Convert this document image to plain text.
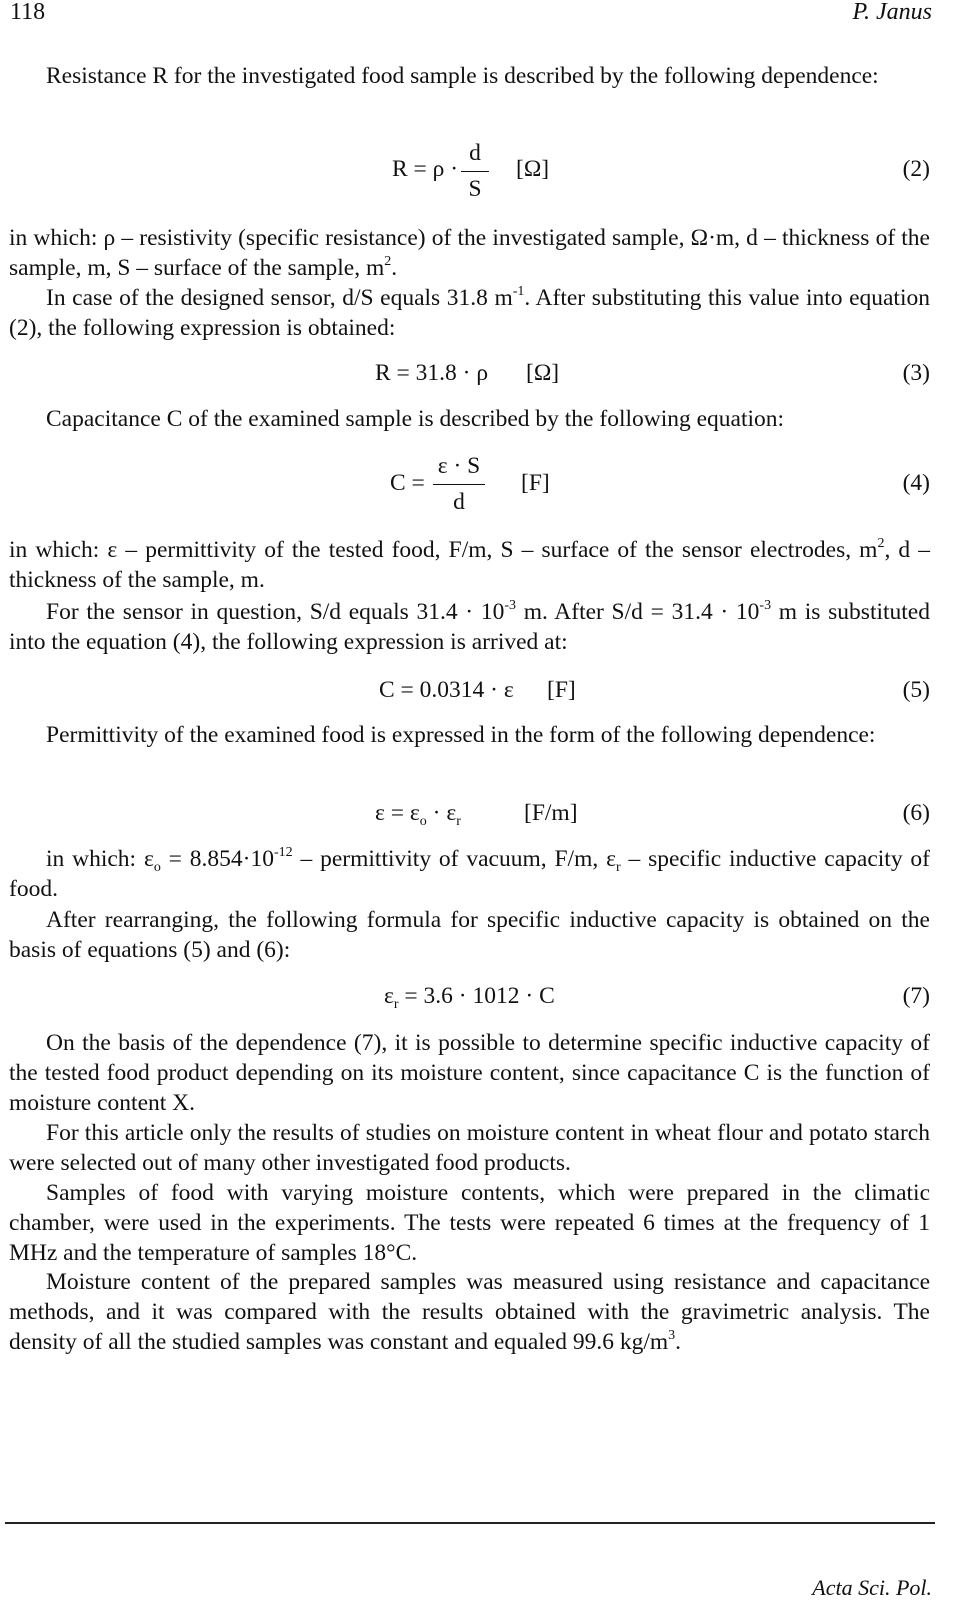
118	P. Janus

Resistance R for the investigated food sample is described by the following dependence:

R = ρ ·
d
S
[Ω]	(2)

in which: ρ – resistivity (specific resistance) of the investigated sample, Ω·m, d – thickness of the sample, m, S – surface of the sample, $m^2$.

In case of the designed sensor, d/S equals 31.8 $m^{-1}$. After substituting this value into equation (2), the following expression is obtained:

R = 31.8 · ρ [Ω]	(3)

Capacitance C of the examined sample is described by the following equation:

C =
ε · S
d
[F]	(4)

in which: ε – permittivity of the tested food, F/m, S – surface of the sensor electrodes, $m^2$, d – thickness of the sample, m.

For the sensor in question, S/d equals $31.4 \cdot 10^{-3}$ m. After $S/d = 31.4 \cdot 10^{-3}$ m is substituted into the equation (4), the following expression is arrived at:

C = 0.0314 · ε [F]	(5)

Permittivity of the examined food is expressed in the form of the following dependence:

$\varepsilon = \varepsilon_o \cdot \varepsilon_r$	[F/m]	(6)

in which: $\varepsilon_o = 8.854\cdot 10^{-12}$ – permittivity of vacuum, F/m, $\varepsilon_r$ – specific inductive capacity of food.

After rearranging, the following formula for specific inductive capacity is obtained on the basis of equations (5) and (6):

$\varepsilon_r = 3.6 \cdot 1012 \cdot C$	(7)

On the basis of the dependence (7), it is possible to determine specific inductive capacity of the tested food product depending on its moisture content, since capacitance C is the function of moisture content X.

For this article only the results of studies on moisture content in wheat flour and potato starch were selected out of many other investigated food products.

Samples of food with varying moisture contents, which were prepared in the climatic chamber, were used in the experiments. The tests were repeated 6 times at the frequency of 1 MHz and the temperature of samples 18°C.

Moisture content of the prepared samples was measured using resistance and capacitance methods, and it was compared with the results obtained with the gravimetric analysis. The density of all the studied samples was constant and equaled 99.6 $kg/m^3$.

Acta Sci. Pol.
